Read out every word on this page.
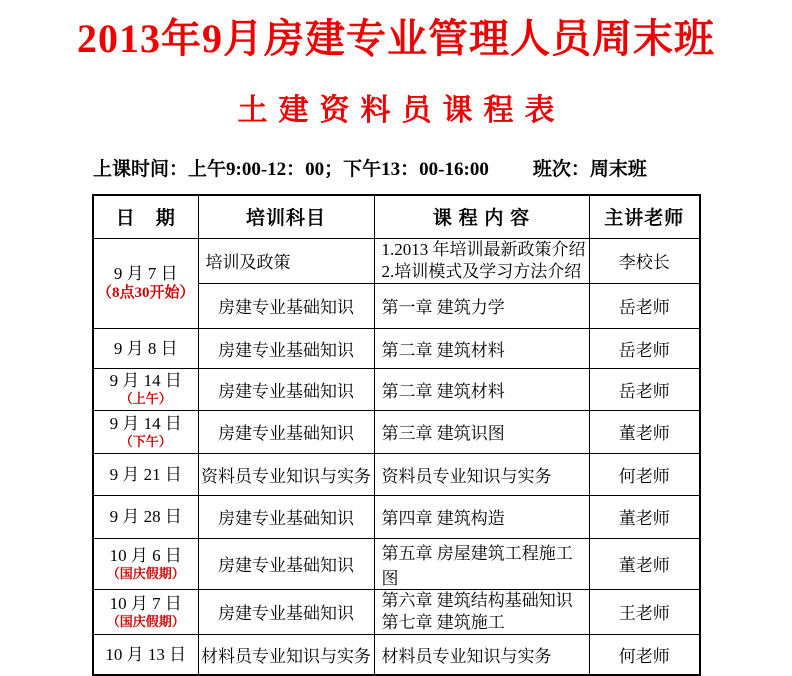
2013年9月房建专业管理人员周末班
土建资料员课程表
上课时间：上午9:00-12：00；下午13：00-16:00 班次：周末班
日　期	培训科目	课 程 内 容	主讲老师

9 月 7 日
（8点30开始）
	培训及政策	
1.2013 年培训最新政策介绍
2.培训模式及学习方法介绍	李校长
	房建专业基础知识	第一章 建筑力学	岳老师

9 月 8 日	房建专业基础知识	第二章 建筑材料	岳老师

9 月 14 日
（上午）	房建专业基础知识	第二章 建筑材料	岳老师

9 月 14 日
（下午）	房建专业基础知识	第三章 建筑识图	董老师

9 月 21 日	资料员专业知识与实务	资料员专业知识与实务	何老师

9 月 28 日	房建专业基础知识	第四章 建筑构造	董老师

10 月 6 日
（国庆假期）	房建专业基础知识	第五章 房屋建筑工程施工图	董老师

10 月 7 日
（国庆假期）	房建专业基础知识	
第六章 建筑结构基础知识
第七章 建筑施工	王老师

10 月 13 日	材料员专业知识与实务	材料员专业知识与实务	何老师
